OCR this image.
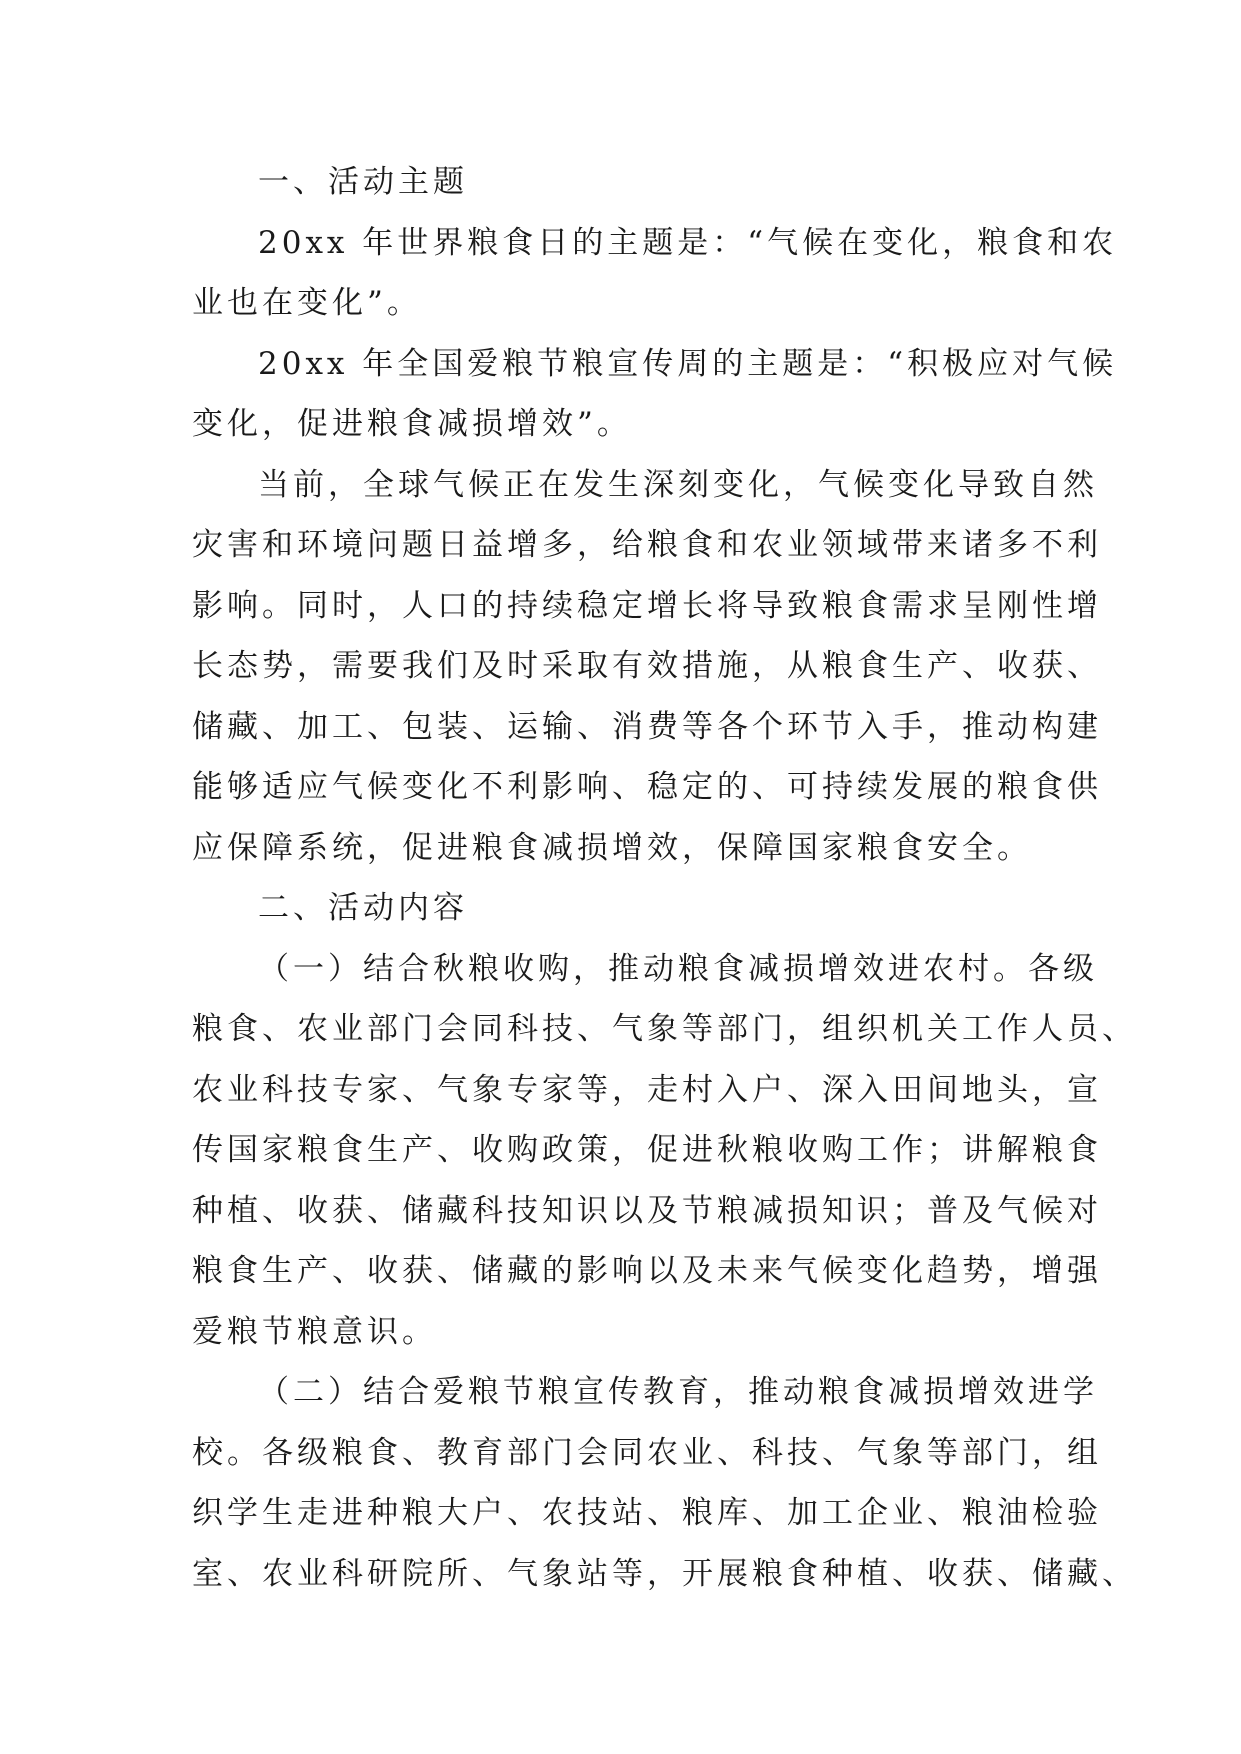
一、活动主题
20xx 年世界粮食日的主题是：“气候在变化，粮食和农
业也在变化”。
20xx 年全国爱粮节粮宣传周的主题是：“积极应对气候
变化，促进粮食减损增效”。
当前，全球气候正在发生深刻变化，气候变化导致自然
灾害和环境问题日益增多，给粮食和农业领域带来诸多不利
影响。同时，人口的持续稳定增长将导致粮食需求呈刚性增
长态势，需要我们及时采取有效措施，从粮食生产、收获、
储藏、加工、包装、运输、消费等各个环节入手，推动构建
能够适应气候变化不利影响、稳定的、可持续发展的粮食供
应保障系统，促进粮食减损增效，保障国家粮食安全。
二、活动内容
（一）结合秋粮收购，推动粮食减损增效进农村。各级
粮食、农业部门会同科技、气象等部门，组织机关工作人员、
农业科技专家、气象专家等，走村入户、深入田间地头，宣
传国家粮食生产、收购政策，促进秋粮收购工作；讲解粮食
种植、收获、储藏科技知识以及节粮减损知识；普及气候对
粮食生产、收获、储藏的影响以及未来气候变化趋势，增强
爱粮节粮意识。
（二）结合爱粮节粮宣传教育，推动粮食减损增效进学
校。各级粮食、教育部门会同农业、科技、气象等部门，组
织学生走进种粮大户、农技站、粮库、加工企业、粮油检验
室、农业科研院所、气象站等，开展粮食种植、收获、储藏、
